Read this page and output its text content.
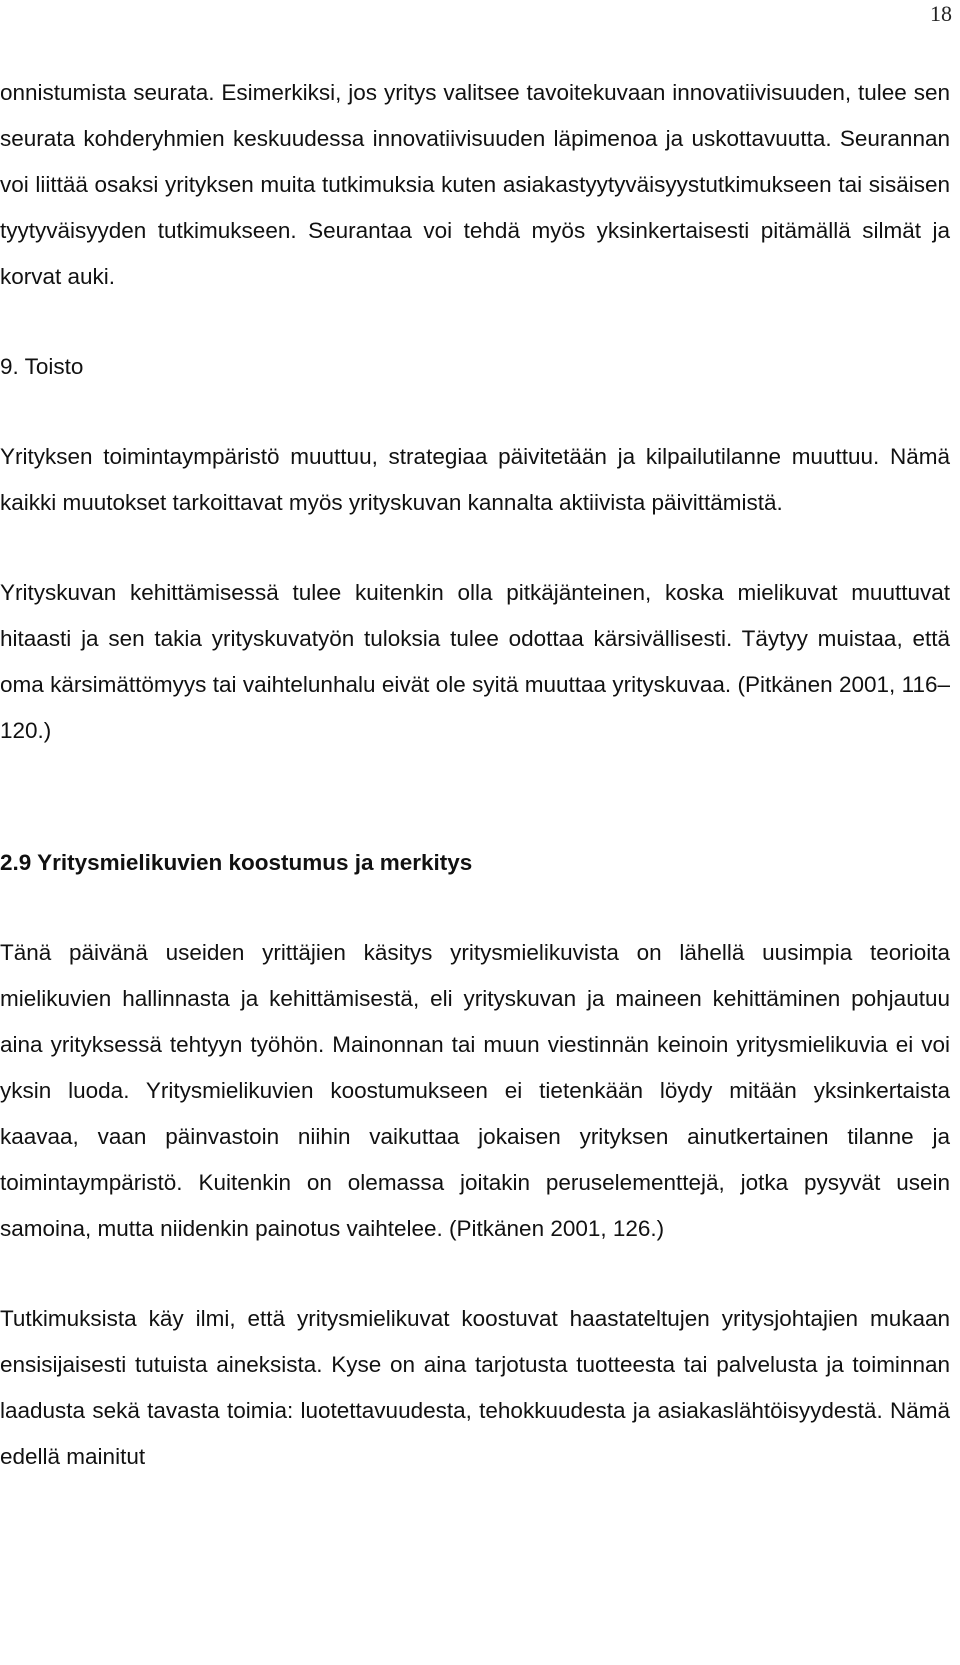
18

onnistumista seurata. Esimerkiksi, jos yritys valitsee tavoitekuvaan innovatiivisuuden, tulee sen seurata kohderyhmien keskuudessa innovatiivisuuden läpimenoa ja uskottavuutta. Seurannan voi liittää osaksi yrityksen muita tutkimuksia kuten asiakastyytyväisyystutkimukseen tai sisäisen tyytyväisyyden tutkimukseen. Seurantaa voi tehdä myös yksinkertaisesti pitämällä silmät ja korvat auki.

9. Toisto

Yrityksen toimintaympäristö muuttuu, strategiaa päivitetään ja kilpailutilanne muuttuu. Nämä kaikki muutokset tarkoittavat myös yrityskuvan kannalta aktiivista päivittämistä.

Yrityskuvan kehittämisessä tulee kuitenkin olla pitkäjänteinen, koska mielikuvat muuttuvat hitaasti ja sen takia yrityskuvatyön tuloksia tulee odottaa kärsivällisesti. Täytyy muistaa, että oma kärsimättömyys tai vaihtelunhalu eivät ole syitä muuttaa yrityskuvaa. (Pitkänen 2001, 116–120.)

2.9 Yritysmielikuvien koostumus ja merkitys

Tänä päivänä useiden yrittäjien käsitys yritysmielikuvista on lähellä uusimpia teorioita mielikuvien hallinnasta ja kehittämisestä, eli yrityskuvan ja maineen kehittäminen pohjautuu aina yrityksessä tehtyyn työhön. Mainonnan tai muun viestinnän keinoin yritysmielikuvia ei voi yksin luoda. Yritysmielikuvien koostumukseen ei tietenkään löydy mitään yksinkertaista kaavaa, vaan päinvastoin niihin vaikuttaa jokaisen yrityksen ainutkertainen tilanne ja toimintaympäristö. Kuitenkin on olemassa joitakin peruselementtejä, jotka pysyvät usein samoina, mutta niidenkin painotus vaihtelee. (Pitkänen 2001, 126.)

Tutkimuksista käy ilmi, että yritysmielikuvat koostuvat haastateltujen yritysjohtajien mukaan ensisijaisesti tutuista aineksista. Kyse on aina tarjotusta tuotteesta tai palvelusta ja toiminnan laadusta sekä tavasta toimia: luotettavuudesta, tehokkuudesta ja asiakaslähtöisyydestä. Nämä edellä mainitut
